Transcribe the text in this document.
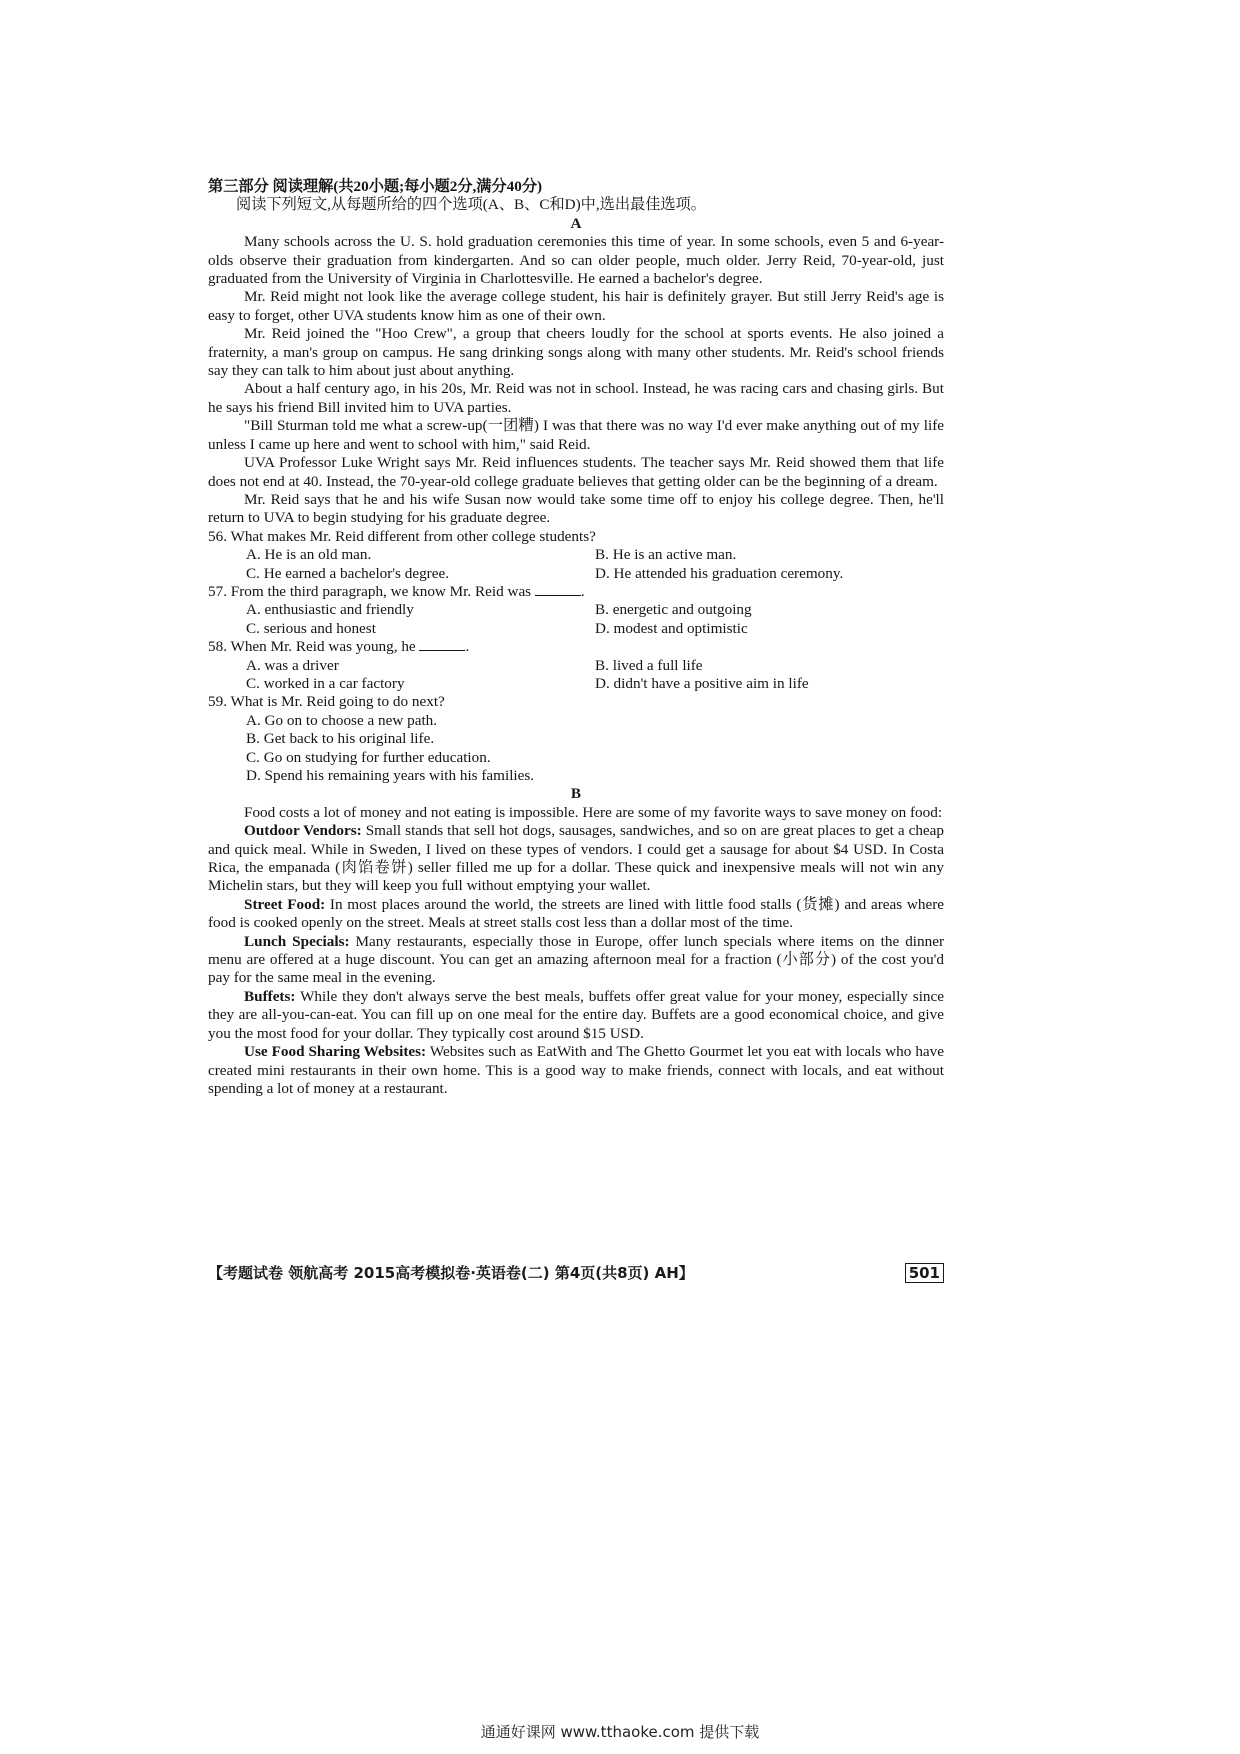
第三部分 阅读理解(共20小题;每小题2分,满分40分)
阅读下列短文,从每题所给的四个选项(A、B、C和D)中,选出最佳选项。
A

Many schools across the U. S. hold graduation ceremonies this time of year. In some schools, even 5 and 6-year-olds observe their graduation from kindergarten. And so can older people, much older. Jerry Reid, 70-year-old, just graduated from the University of Virginia in Charlottesville. He earned a bachelor's degree.

Mr. Reid might not look like the average college student, his hair is definitely grayer. But still Jerry Reid's age is easy to forget, other UVA students know him as one of their own.

Mr. Reid joined the "Hoo Crew", a group that cheers loudly for the school at sports events. He also joined a fraternity, a man's group on campus. He sang drinking songs along with many other students. Mr. Reid's school friends say they can talk to him about just about anything.

About a half century ago, in his 20s, Mr. Reid was not in school. Instead, he was racing cars and chasing girls. But he says his friend Bill invited him to UVA parties.

"Bill Sturman told me what a screw-up(一团糟) I was that there was no way I'd ever make anything out of my life unless I came up here and went to school with him," said Reid.

UVA Professor Luke Wright says Mr. Reid influences students. The teacher says Mr. Reid showed them that life does not end at 40. Instead, the 70-year-old college graduate believes that getting older can be the beginning of a dream.

Mr. Reid says that he and his wife Susan now would take some time off to enjoy his college degree. Then, he'll return to UVA to begin studying for his graduate degree.

56. What makes Mr. Reid different from other college students?
A. He is an old man.	B. He is an active man.
C. He earned a bachelor's degree.	D. He attended his graduation ceremony.
57. From the third paragraph, we know Mr. Reid was	.
A. enthusiastic and friendly	B. energetic and outgoing
C. serious and honest	D. modest and optimistic
58. When Mr. Reid was young, he	.
A. was a driver	B. lived a full life
C. worked in a car factory	D. didn't have a positive aim in life
59. What is Mr. Reid going to do next?
A. Go on to choose a new path.
B. Get back to his original life.
C. Go on studying for further education.
D. Spend his remaining years with his families.
B

Food costs a lot of money and not eating is impossible. Here are some of my favorite ways to save money on food:

Outdoor Vendors: Small stands that sell hot dogs, sausages, sandwiches, and so on are great places to get a cheap and quick meal. While in Sweden, I lived on these types of vendors. I could get a sausage for about $4 USD. In Costa Rica, the empanada (肉馅卷饼) seller filled me up for a dollar. These quick and inexpensive meals will not win any Michelin stars, but they will keep you full without emptying your wallet.

Street Food: In most places around the world, the streets are lined with little food stalls (货摊) and areas where food is cooked openly on the street. Meals at street stalls cost less than a dollar most of the time.

Lunch Specials: Many restaurants, especially those in Europe, offer lunch specials where items on the dinner menu are offered at a huge discount. You can get an amazing afternoon meal for a fraction (小部分) of the cost you'd pay for the same meal in the evening.

Buffets: While they don't always serve the best meals, buffets offer great value for your money, especially since they are all-you-can-eat. You can fill up on one meal for the entire day. Buffets are a good economical choice, and give you the most food for your dollar. They typically cost around $15 USD.

Use Food Sharing Websites: Websites such as EatWith and The Ghetto Gourmet let you eat with locals who have created mini restaurants in their own home. This is a good way to make friends, connect with locals, and eat without spending a lot of money at a restaurant.

【考题试卷 领航高考 2015高考模拟卷·英语卷(二) 第4页(共8页) AH】	501
通通好课网 www.tthaoke.com 提供下载
